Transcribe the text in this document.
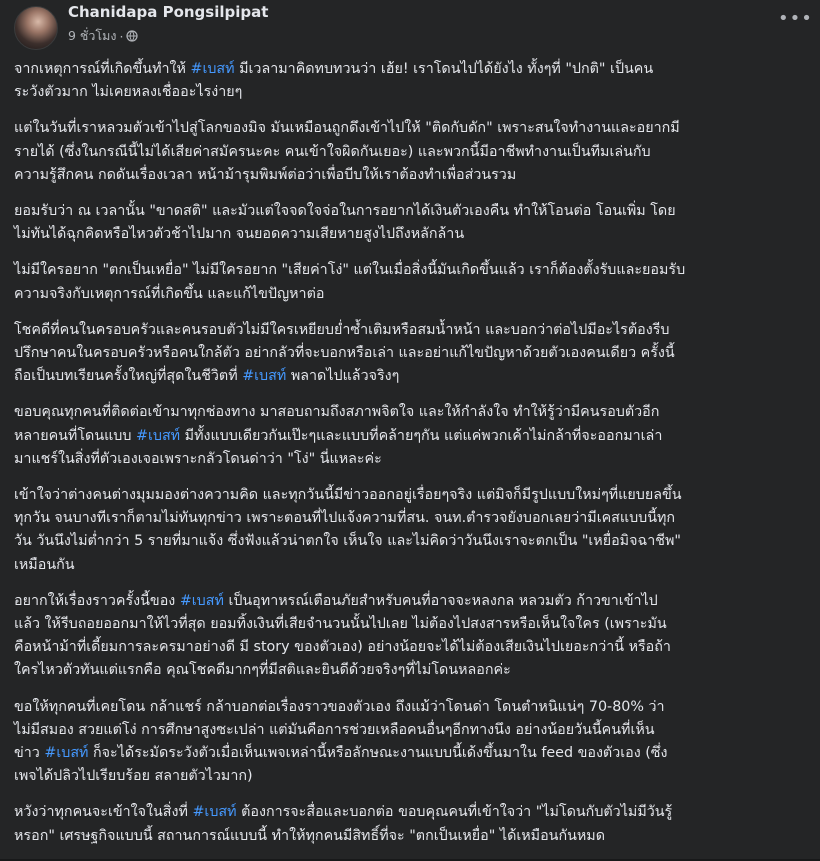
Chanidapa Pongsilpipat
9 ชั่วโมง ·
•••

จากเหตุการณ์ที่เกิดขึ้นทำให้ #เบสท์ มีเวลามาคิดทบทวนว่า เฮ้ย! เราโดนไปได้ยังไง ทั้งๆที่ "ปกติ" เป็นคน
ระวังตัวมาก ไม่เคยหลงเชื่ออะไรง่ายๆ

แต่ในวันที่เราหลวมตัวเข้าไปสู่โลกของมิจ มันเหมือนถูกดึงเข้าไปให้ "ติดกับดัก" เพราะสนใจทำงานและอยากมี
รายได้ (ซึ่งในกรณีนี้ไม่ได้เสียค่าสมัครนะคะ คนเข้าใจผิดกันเยอะ) และพวกนี้มีอาชีพทำงานเป็นทีมเล่นกับ
ความรู้สึกคน กดดันเรื่องเวลา หน้าม้ารุมพิมพ์ต่อว่าเพื่อบีบให้เราต้องทำเพื่อส่วนรวม

ยอมรับว่า ณ เวลานั้น "ขาดสติ" และมัวแต่ใจจดใจจ่อในการอยากได้เงินตัวเองคืน ทำให้โอนต่อ โอนเพิ่ม โดย
ไม่ทันได้ฉุกคิดหรือไหวตัวช้าไปมาก จนยอดความเสียหายสูงไปถึงหลักล้าน

ไม่มีใครอยาก "ตกเป็นเหยื่อ" ไม่มีใครอยาก "เสียค่าโง่" แต่ในเมื่อสิ่งนี้มันเกิดขึ้นแล้ว เราก็ต้องตั้งรับและยอมรับ
ความจริงกับเหตุการณ์ที่เกิดขึ้น และแก้ไขปัญหาต่อ

โชคดีที่คนในครอบครัวและคนรอบตัวไม่มีใครเหยียบย่ำซ้ำเติมหรือสมน้ำหน้า และบอกว่าต่อไปมีอะไรต้องรีบ
ปรึกษาคนในครอบครัวหรือคนใกล้ตัว อย่ากลัวที่จะบอกหรือเล่า และอย่าแก้ไขปัญหาด้วยตัวเองคนเดียว ครั้งนี้
ถือเป็นบทเรียนครั้งใหญ่ที่สุดในชีวิตที่ #เบสท์ พลาดไปแล้วจริงๆ

ขอบคุณทุกคนที่ติดต่อเข้ามาทุกช่องทาง มาสอบถามถึงสภาพจิตใจ และให้กำลังใจ ทำให้รู้ว่ามีคนรอบตัวอีก
หลายคนที่โดนแบบ #เบสท์ มีทั้งแบบเดียวกันเป๊ะๆและแบบที่คล้ายๆกัน แต่แค่พวกเค้าไม่กล้าที่จะออกมาเล่า
มาแชร์ในสิ่งที่ตัวเองเจอเพราะกลัวโดนด่าว่า "โง่" นี่แหละค่ะ

เข้าใจว่าต่างคนต่างมุมมองต่างความคิด และทุกวันนี้มีข่าวออกอยู่เรื่อยๆจริง แต่มิจก็มีรูปแบบใหม่ๆที่แยบยลขึ้น
ทุกวัน จนบางทีเราก็ตามไม่ทันทุกข่าว เพราะตอนที่ไปแจ้งความที่สน. จนท.ตำรวจยังบอกเลยว่ามีเคสแบบนี้ทุก
วัน วันนึงไม่ต่ำกว่า 5 รายที่มาแจ้ง ซึ่งฟังแล้วน่าตกใจ เห็นใจ และไม่คิดว่าวันนึงเราจะตกเป็น "เหยื่อมิจฉาชีพ"
เหมือนกัน

อยากให้เรื่องราวครั้งนี้ของ #เบสท์ เป็นอุทาหรณ์เตือนภัยสำหรับคนที่อาจจะหลงกล หลวมตัว ก้าวขาเข้าไป
แล้ว ให้รีบถอยออกมาให้ไวที่สุด ยอมทิ้งเงินที่เสียจำนวนนั้นไปเลย ไม่ต้องไปสงสารหรือเห็นใจใคร (เพราะมัน
คือหน้าม้าที่เดี้ยมการละครมาอย่างดี มี story ของตัวเอง) อย่างน้อยจะได้ไม่ต้องเสียเงินไปเยอะกว่านี้ หรือถ้า
ใครไหวตัวทันแต่แรกคือ คุณโชคดีมากๆที่มีสติและยินดีด้วยจริงๆที่ไม่โดนหลอกค่ะ

ขอให้ทุกคนที่เคยโดน กล้าแชร์ กล้าบอกต่อเรื่องราวของตัวเอง ถึงแม้ว่าโดนด่า โดนตำหนิแน่ๆ 70-80% ว่า
ไม่มีสมอง สวยแต่โง่ การศึกษาสูงซะเปล่า แต่มันคือการช่วยเหลือคนอื่นๆอีกทางนึง อย่างน้อยวันนี้คนที่เห็น
ข่าว #เบสท์ ก็จะได้ระมัดระวังตัวเมื่อเห็นเพจเหล่านี้หรือลักษณะงานแบบนี้เด้งขึ้นมาใน feed ของตัวเอง (ซึ่ง
เพจได้ปลิวไปเรียบร้อย สลายตัวไวมาก)

หวังว่าทุกคนจะเข้าใจในสิ่งที่ #เบสท์ ต้องการจะสื่อและบอกต่อ ขอบคุณคนที่เข้าใจว่า "ไม่โดนกับตัวไม่มีวันรู้
หรอก" เศรษฐกิจแบบนี้ สถานการณ์แบบนี้ ทำให้ทุกคนมีสิทธิ์ที่จะ "ตกเป็นเหยื่อ" ได้เหมือนกันหมด
